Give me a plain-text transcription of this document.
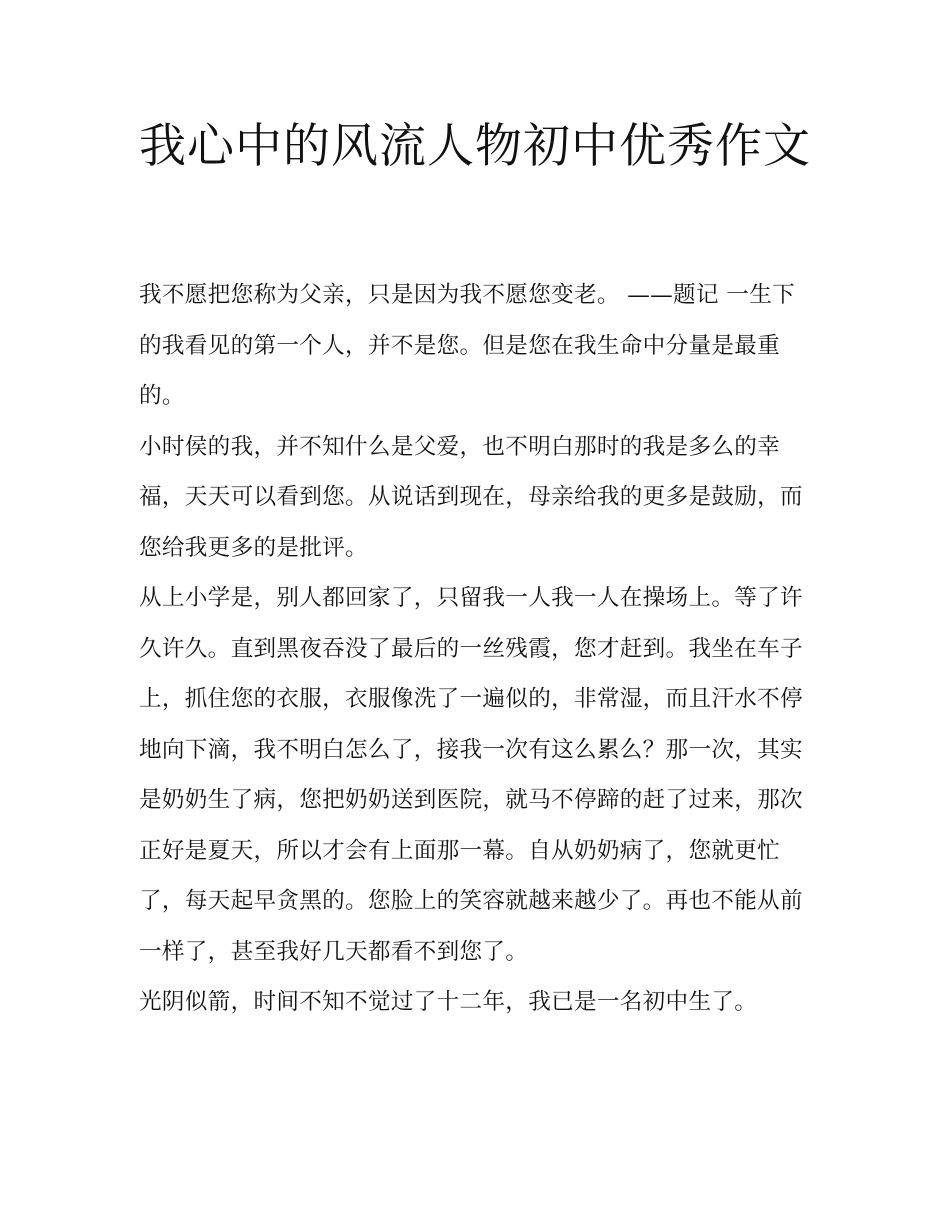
我心中的风流人物初中优秀作文

我不愿把您称为父亲，只是因为我不愿您变老。 ——题记 一生下的我看见的第一个人，并不是您。但是您在我生命中分量是最重的。

小时侯的我，并不知什么是父爱，也不明白那时的我是多么的幸福，天天可以看到您。从说话到现在，母亲给我的更多是鼓励，而您给我更多的是批评。

从上小学是，别人都回家了，只留我一人我一人在操场上。等了许久许久。直到黑夜吞没了最后的一丝残霞，您才赶到。我坐在车子上，抓住您的衣服，衣服像洗了一遍似的，非常湿，而且汗水不停地向下滴，我不明白怎么了，接我一次有这么累么？那一次，其实是奶奶生了病，您把奶奶送到医院，就马不停蹄的赶了过来，那次正好是夏天，所以才会有上面那一幕。自从奶奶病了，您就更忙了，每天起早贪黑的。您脸上的笑容就越来越少了。再也不能从前一样了，甚至我好几天都看不到您了。

光阴似箭，时间不知不觉过了十二年，我已是一名初中生了。
